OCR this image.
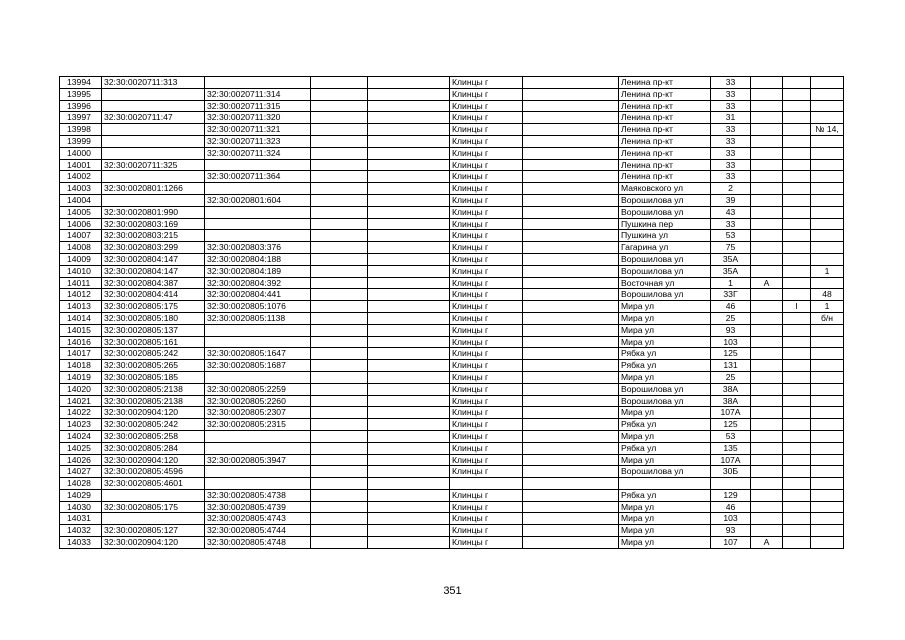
13994	32:30:0020711:313				Клинцы г		Ленина пр-кт	33			
13995		32:30:0020711:314			Клинцы г		Ленина пр-кт	33			
13996		32:30:0020711:315			Клинцы г		Ленина пр-кт	33			
13997	32:30:0020711:47	32:30:0020711:320			Клинцы г		Ленина пр-кт	31			
13998		32:30:0020711:321			Клинцы г		Ленина пр-кт	33			№ 14,
13999		32:30:0020711:323			Клинцы г		Ленина пр-кт	33			
14000		32:30:0020711:324			Клинцы г		Ленина пр-кт	33			
14001	32:30:0020711:325				Клинцы г		Ленина пр-кт	33			
14002		32:30:0020711:364			Клинцы г		Ленина пр-кт	33			
14003	32:30:0020801:1266				Клинцы г		Маяковского ул	2			
14004		32:30:0020801:604			Клинцы г		Ворошилова ул	39			
14005	32:30:0020801:990				Клинцы г		Ворошилова ул	43			
14006	32:30:0020803:169				Клинцы г		Пушкина пер	33			
14007	32:30:0020803:215				Клинцы г		Пушкина ул	53			
14008	32:30:0020803:299	32:30:0020803:376			Клинцы г		Гагарина ул	75			
14009	32:30:0020804:147	32:30:0020804:188			Клинцы г		Ворошилова ул	35А			
14010	32:30:0020804:147	32:30:0020804:189			Клинцы г		Ворошилова ул	35А			1
14011	32:30:0020804:387	32:30:0020804:392			Клинцы г		Восточная ул	1	А		
14012	32:30:0020804:414	32:30:0020804:441			Клинцы г		Ворошилова ул	33Г			48
14013	32:30:0020805:175	32:30:0020805:1076			Клинцы г		Мира ул	46		I	1
14014	32:30:0020805:180	32:30:0020805:1138			Клинцы г		Мира ул	25			б/н
14015	32:30:0020805:137				Клинцы г		Мира ул	93			
14016	32:30:0020805:161				Клинцы г		Мира ул	103			
14017	32:30:0020805:242	32:30:0020805:1647			Клинцы г		Рябка ул	125			
14018	32:30:0020805:265	32:30:0020805:1687			Клинцы г		Рябка ул	131			
14019	32:30:0020805:185				Клинцы г		Мира ул	25			
14020	32:30:0020805:2138	32:30:0020805:2259			Клинцы г		Ворошилова ул	38А			
14021	32:30:0020805:2138	32:30:0020805:2260			Клинцы г		Ворошилова ул	38А			
14022	32:30:0020904:120	32:30:0020805:2307			Клинцы г		Мира ул	107А			
14023	32:30:0020805:242	32:30:0020805:2315			Клинцы г		Рябка ул	125			
14024	32:30:0020805:258				Клинцы г		Мира ул	53			
14025	32:30:0020805:284				Клинцы г		Рябка ул	135			
14026	32:30:0020904:120	32:30:0020805:3947			Клинцы г		Мира ул	107А			
14027	32:30:0020805:4596				Клинцы г		Ворошилова ул	30Б			
14028	32:30:0020805:4601										
14029		32:30:0020805:4738			Клинцы г		Рябка ул	129			
14030	32:30:0020805:175	32:30:0020805:4739			Клинцы г		Мира ул	46			
14031		32:30:0020805:4743			Клинцы г		Мира ул	103			
14032	32:30:0020805:127	32:30:0020805:4744			Клинцы г		Мира ул	93			
14033	32:30:0020904:120	32:30:0020805:4748			Клинцы г		Мира ул	107	А		
351
